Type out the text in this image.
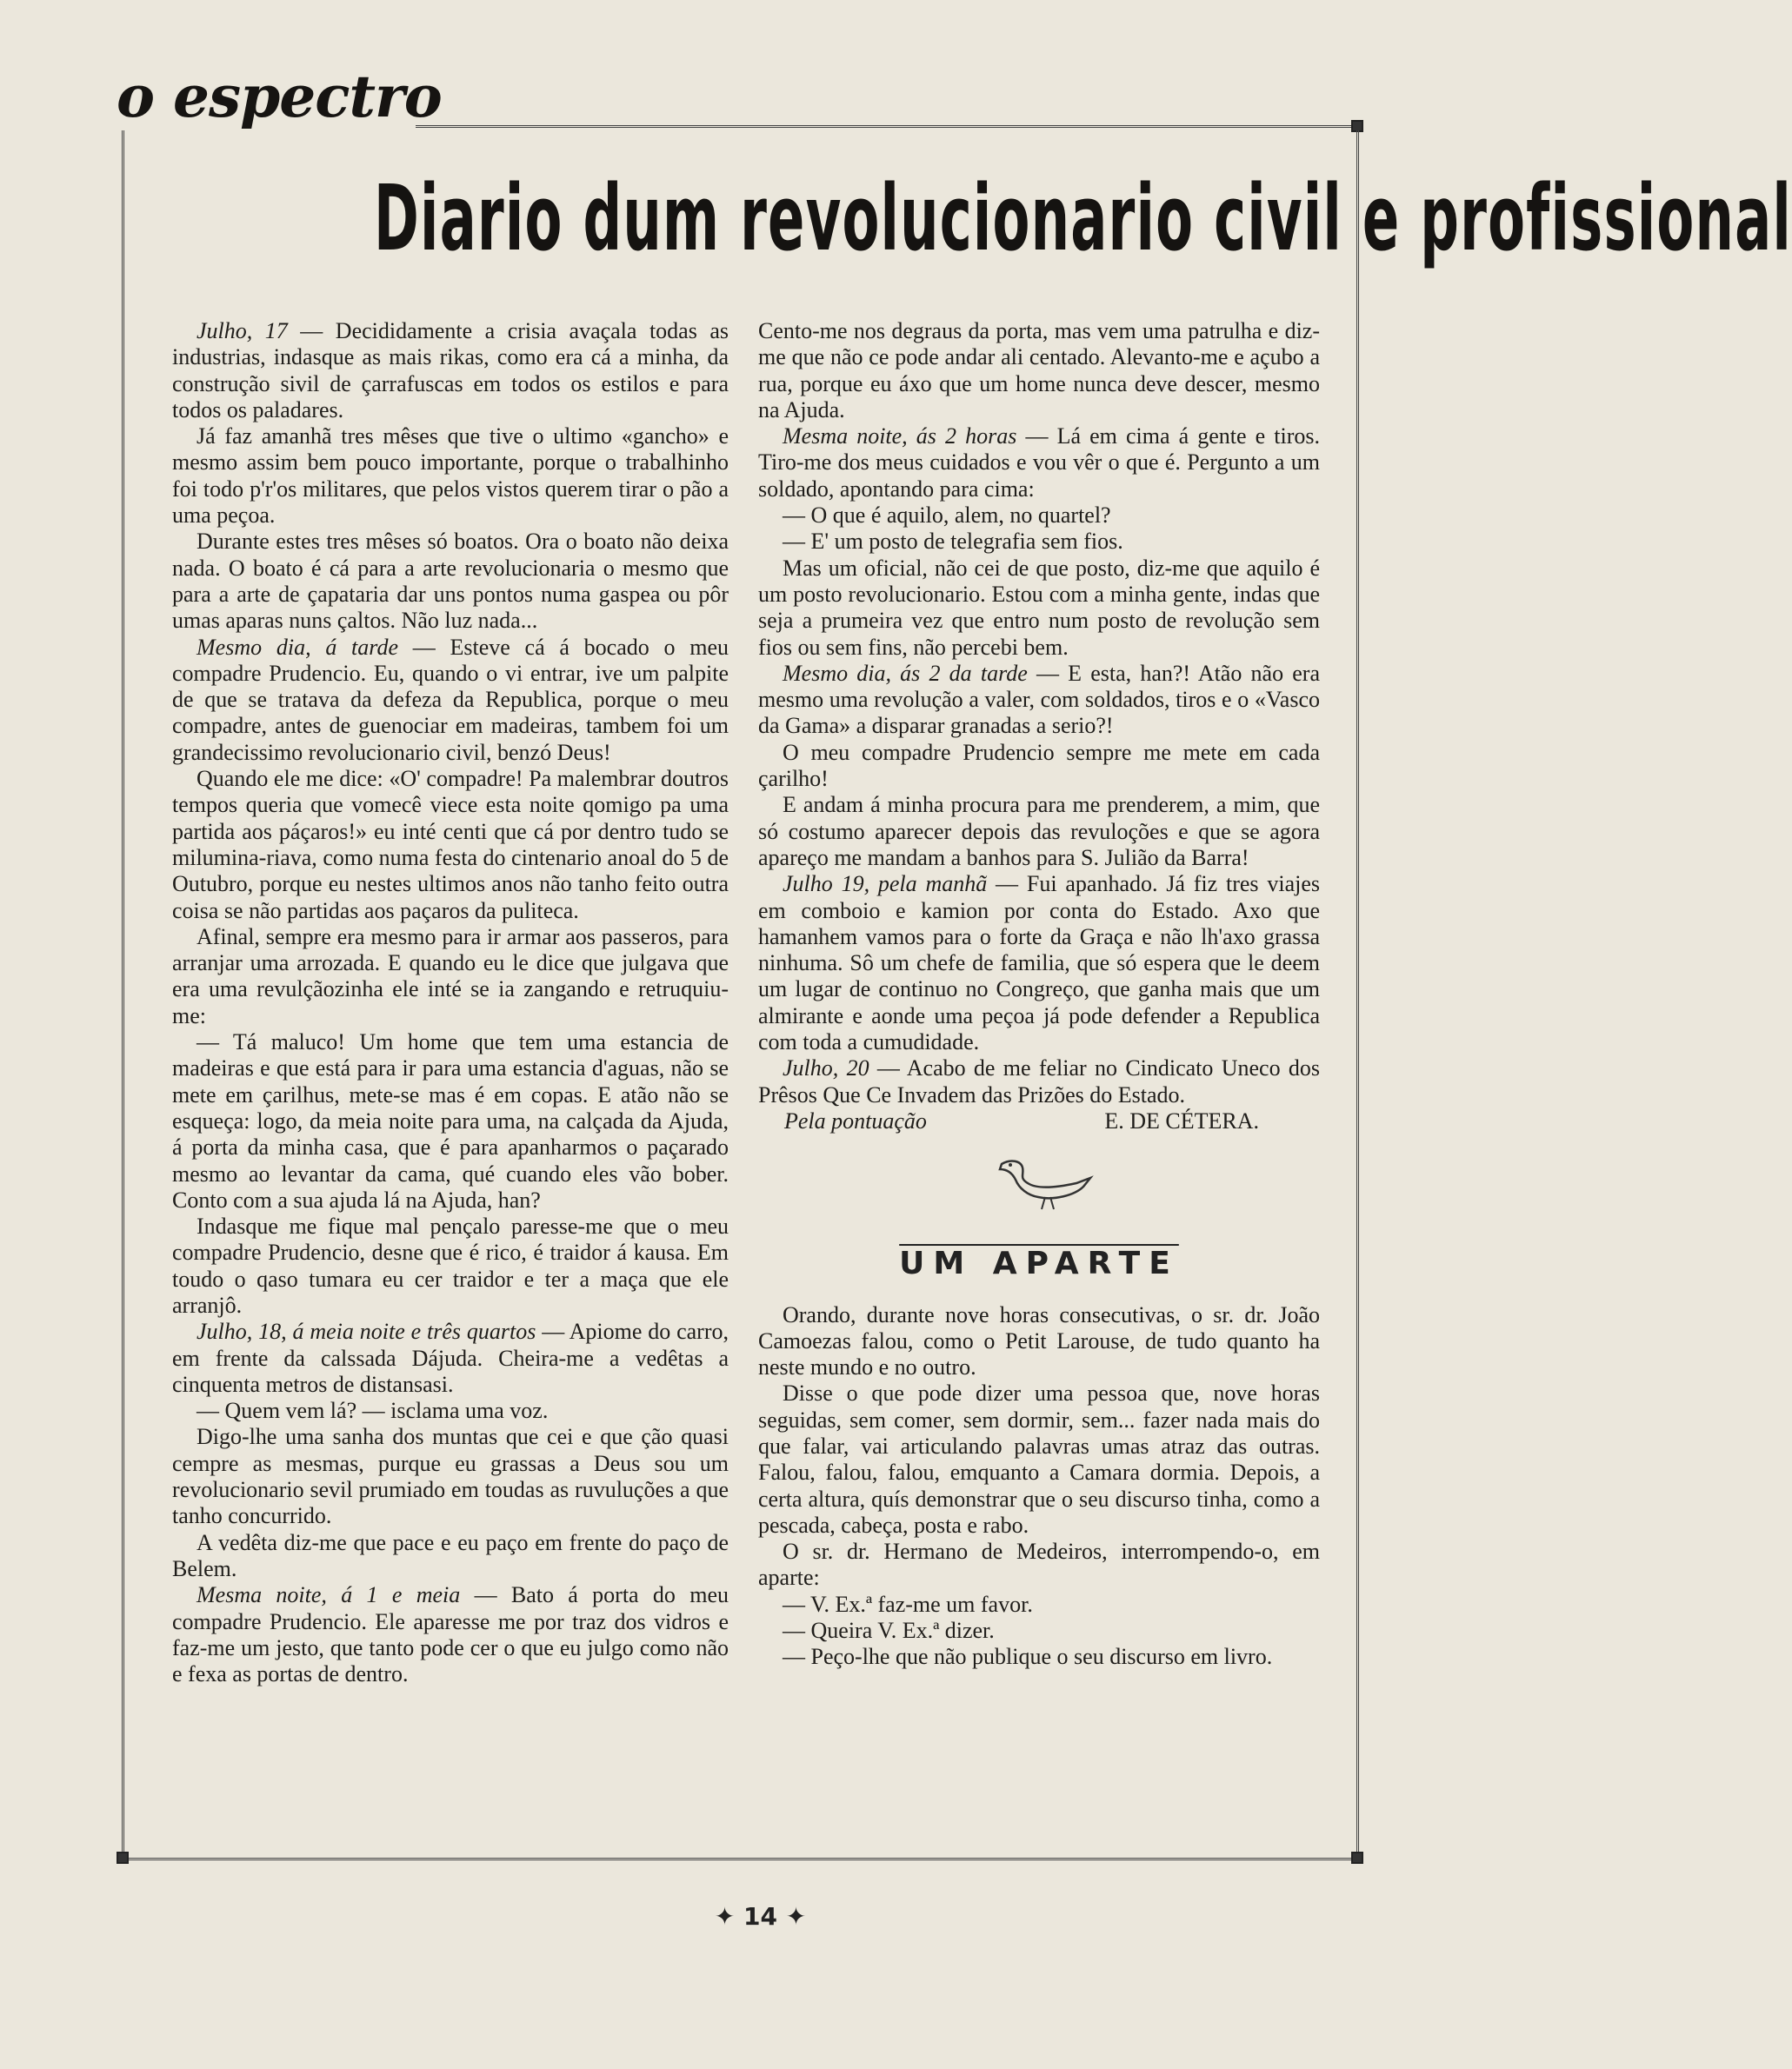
o espectro
Diario dum revolucionario civil e profissional

Julho, 17 — Decididamente a crisia avaçala todas as industrias, indasque as mais rikas, como era cá a minha, da construção sivil de çarrafuscas em todos os estilos e para todos os paladares.

Já faz amanhã tres mêses que tive o ultimo «gancho» e mesmo assim bem pouco importante, porque o trabalhinho foi todo p'r'os militares, que pelos vistos querem tirar o pão a uma peçoa.

Durante estes tres mêses só boatos. Ora o boato não deixa nada. O boato é cá para a arte revolucionaria o mesmo que para a arte de çapataria dar uns pontos numa gaspea ou pôr umas aparas nuns çaltos. Não luz nada...

Mesmo dia, á tarde — Esteve cá á bocado o meu compadre Prudencio. Eu, quando o vi entrar, ive um palpite de que se tratava da defeza da Republica, porque o meu compadre, antes de guenociar em madeiras, tambem foi um grandecissimo revolucionario civil, benzó Deus!

Quando ele me dice: «O' compadre! Pa malembrar doutros tempos queria que vomecê viece esta noite qomigo pa uma partida aos páçaros!» eu inté centi que cá por dentro tudo se milumina-riava, como numa festa do cintenario anoal do 5 de Outubro, porque eu nestes ultimos anos não tanho feito outra coisa se não partidas aos paçaros da puliteca.

Afinal, sempre era mesmo para ir armar aos passeros, para arranjar uma arrozada. E quando eu le dice que julgava que era uma revulçãozinha ele inté se ia zangando e retruquiu-me:

— Tá maluco! Um home que tem uma estancia de madeiras e que está para ir para uma estancia d'aguas, não se mete em çarilhus, mete-se mas é em copas. E atão não se esqueça: logo, da meia noite para uma, na calçada da Ajuda, á porta da minha casa, que é para apanharmos o paçarado mesmo ao levantar da cama, qué cuando eles vão bober. Conto com a sua ajuda lá na Ajuda, han?

Indasque me fique mal pençalo paresse-me que o meu compadre Prudencio, desne que é rico, é traidor á kausa. Em toudo o qaso tumara eu cer traidor e ter a maça que ele arranjô.

Julho, 18, á meia noite e três quartos — Apiome do carro, em frente da calssada Dájuda. Cheira-me a vedêtas a cinquenta metros de distansasi.

— Quem vem lá? — isclama uma voz.

Digo-lhe uma sanha dos muntas que cei e que ção quasi cempre as mesmas, purque eu grassas a Deus sou um revolucionario sevil prumiado em toudas as ruvuluções a que tanho concurrido.

A vedêta diz-me que pace e eu paço em frente do paço de Belem.

Mesma noite, á 1 e meia — Bato á porta do meu compadre Prudencio. Ele aparesse me por traz dos vidros e faz-me um jesto, que tanto pode cer o que eu julgo como não e fexa as portas de dentro.

Cento-me nos degraus da porta, mas vem uma patrulha e diz-me que não ce pode andar ali centado. Alevanto-me e açubo a rua, porque eu áxo que um home nunca deve descer, mesmo na Ajuda.

Mesma noite, ás 2 horas — Lá em cima á gente e tiros. Tiro-me dos meus cuidados e vou vêr o que é. Pergunto a um soldado, apontando para cima:

— O que é aquilo, alem, no quartel?

— E' um posto de telegrafia sem fios.

Mas um oficial, não cei de que posto, diz-me que aquilo é um posto revolucionario. Estou com a minha gente, indas que seja a prumeira vez que entro num posto de revolução sem fios ou sem fins, não percebi bem.

Mesmo dia, ás 2 da tarde — E esta, han?! Atão não era mesmo uma revolução a valer, com soldados, tiros e o «Vasco da Gama» a disparar granadas a serio?!

O meu compadre Prudencio sempre me mete em cada çarilho!

E andam á minha procura para me prenderem, a mim, que só costumo aparecer depois das revuloções e que se agora apareço me mandam a banhos para S. Julião da Barra!

Julho 19, pela manhã — Fui apanhado. Já fiz tres viajes em comboio e kamion por conta do Estado. Axo que hamanhem vamos para o forte da Graça e não lh'axo grassa ninhuma. Sô um chefe de familia, que só espera que le deem um lugar de continuo no Congreço, que ganha mais que um almirante e aonde uma peçoa já pode defender a Republica com toda a cumudidade.

Julho, 20 — Acabo de me feliar no Cindicato Uneco dos Prêsos Que Ce Invadem das Prizões do Estado.

Pela pontuação	E. DE CÉTERA.
UM APARTE

Orando, durante nove horas consecutivas, o sr. dr. João Camoezas falou, como o Petit Larouse, de tudo quanto ha neste mundo e no outro.

Disse o que pode dizer uma pessoa que, nove horas seguidas, sem comer, sem dormir, sem... fazer nada mais do que falar, vai articulando palavras umas atraz das outras. Falou, falou, falou, emquanto a Camara dormia. Depois, a certa altura, quís demonstrar que o seu discurso tinha, como a pescada, cabeça, posta e rabo.

O sr. dr. Hermano de Medeiros, interrompendo-o, em aparte:

— V. Ex.ª faz-me um favor.

— Queira V. Ex.ª dizer.

— Peço-lhe que não publique o seu discurso em livro.

✦ 14 ✦
